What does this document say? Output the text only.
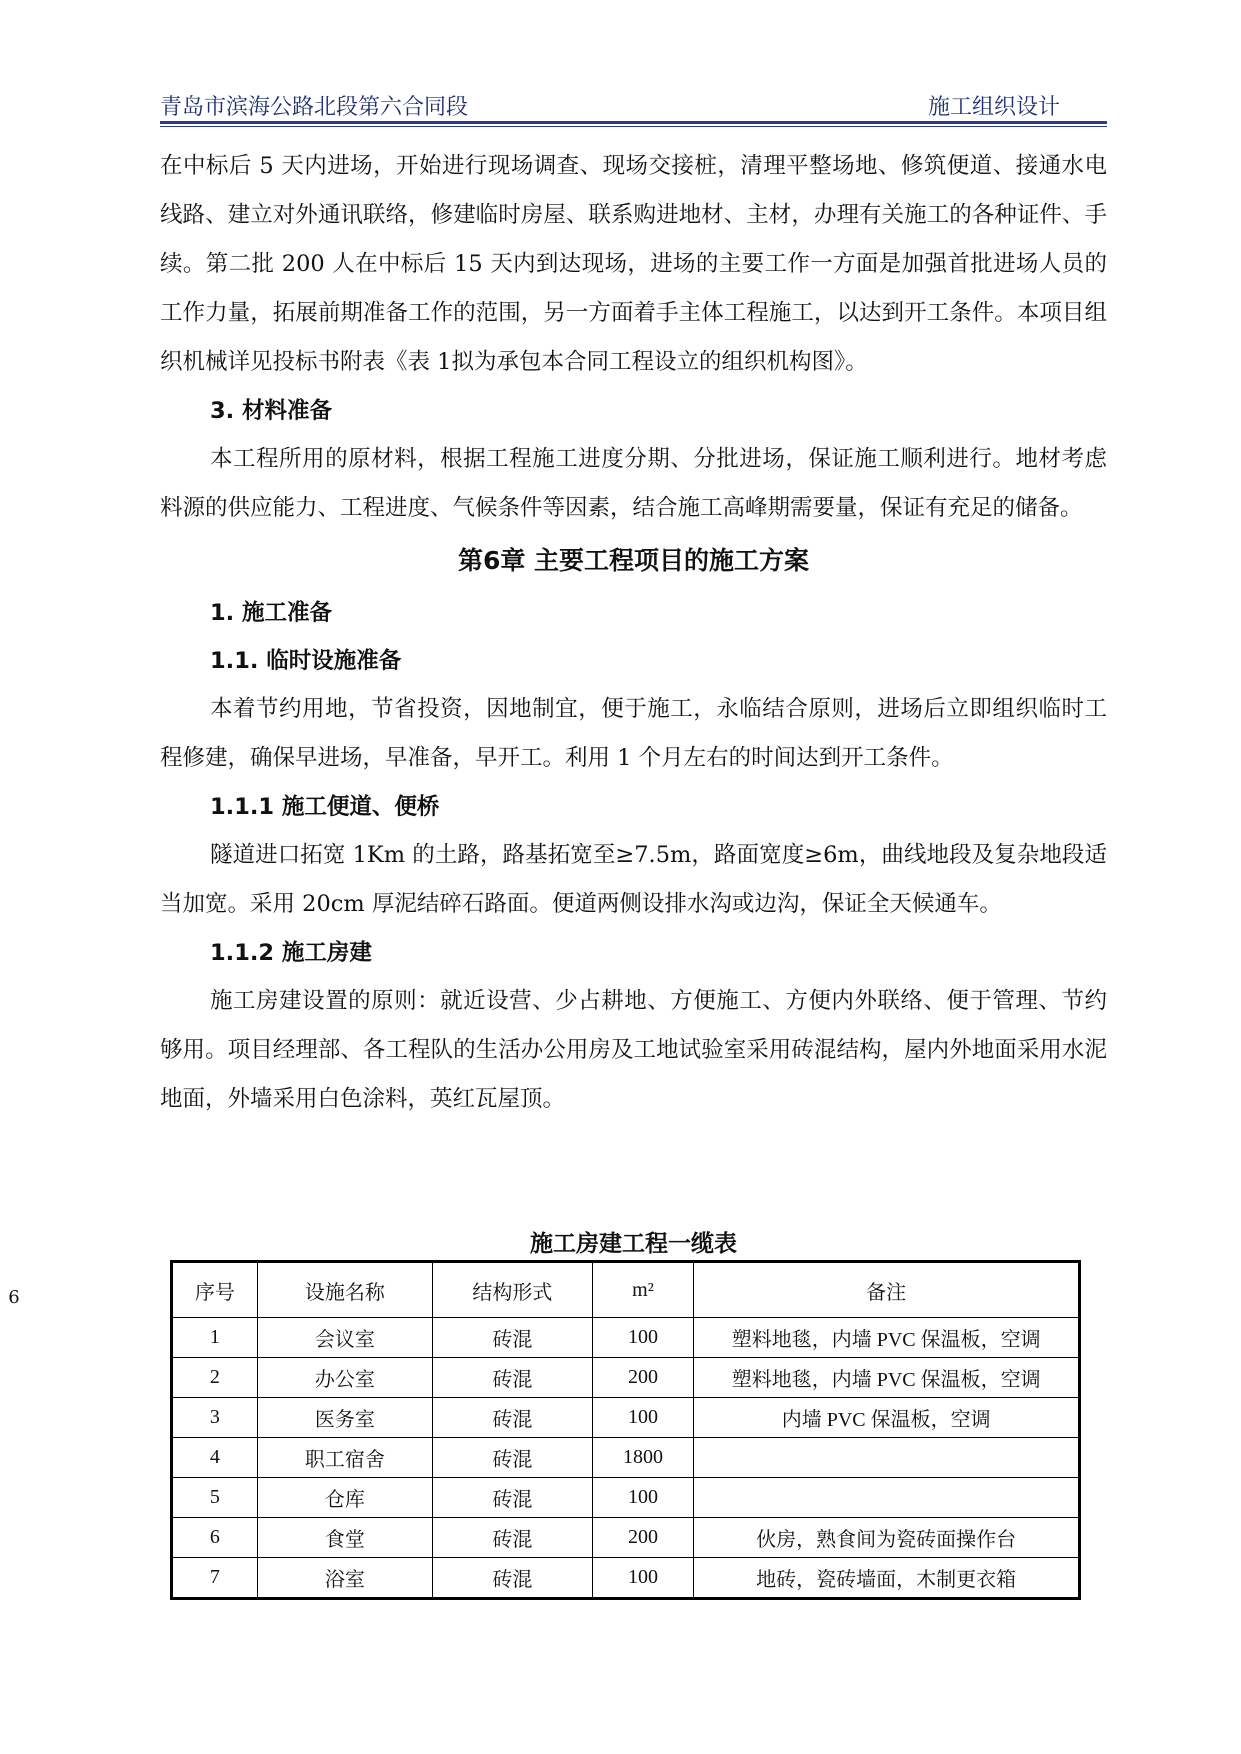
青岛市滨海公路北段第六合同段	施工组织设计

在中标后 5 天内进场，开始进行现场调查、现场交接桩，清理平整场地、修筑便道、接通水电线路、建立对外通讯联络，修建临时房屋、联系购进地材、主材，办理有关施工的各种证件、手续。第二批 200 人在中标后 15 天内到达现场，进场的主要工作一方面是加强首批进场人员的工作力量，拓展前期准备工作的范围，另一方面着手主体工程施工，以达到开工条件。本项目组织机械详见投标书附表《表 1拟为承包本合同工程设立的组织机构图》。

3. 材料准备

本工程所用的原材料，根据工程施工进度分期、分批进场，保证施工顺利进行。地材考虑料源的供应能力、工程进度、气候条件等因素，结合施工高峰期需要量，保证有充足的储备。

第6章 主要工程项目的施工方案
1. 施工准备
1.1. 临时设施准备

本着节约用地，节省投资，因地制宜，便于施工，永临结合原则，进场后立即组织临时工程修建，确保早进场，早准备，早开工。利用 1 个月左右的时间达到开工条件。

1.1.1 施工便道、便桥

隧道进口拓宽 1Km 的土路，路基拓宽至≥7.5m，路面宽度≥6m，曲线地段及复杂地段适当加宽。采用 20cm 厚泥结碎石路面。便道两侧设排水沟或边沟，保证全天候通车。

1.1.2 施工房建

施工房建设置的原则：就近设营、少占耕地、方便施工、方便内外联络、便于管理、节约够用。项目经理部、各工程队的生活办公用房及工地试验室采用砖混结构，屋内外地面采用水泥地面，外墙采用白色涂料，英红瓦屋顶。

施工房建工程一缆表
序号	设施名称	结构形式	m²	备注
1	会议室	砖混	100	塑料地毯，内墙 PVC 保温板，空调
2	办公室	砖混	200	塑料地毯，内墙 PVC 保温板，空调
3	医务室	砖混	100	内墙 PVC 保温板，空调
4	职工宿舍	砖混	1800	
5	仓库	砖混	100	
6	食堂	砖混	200	伙房，熟食间为瓷砖面操作台
7	浴室	砖混	100	地砖，瓷砖墙面，木制更衣箱
6
